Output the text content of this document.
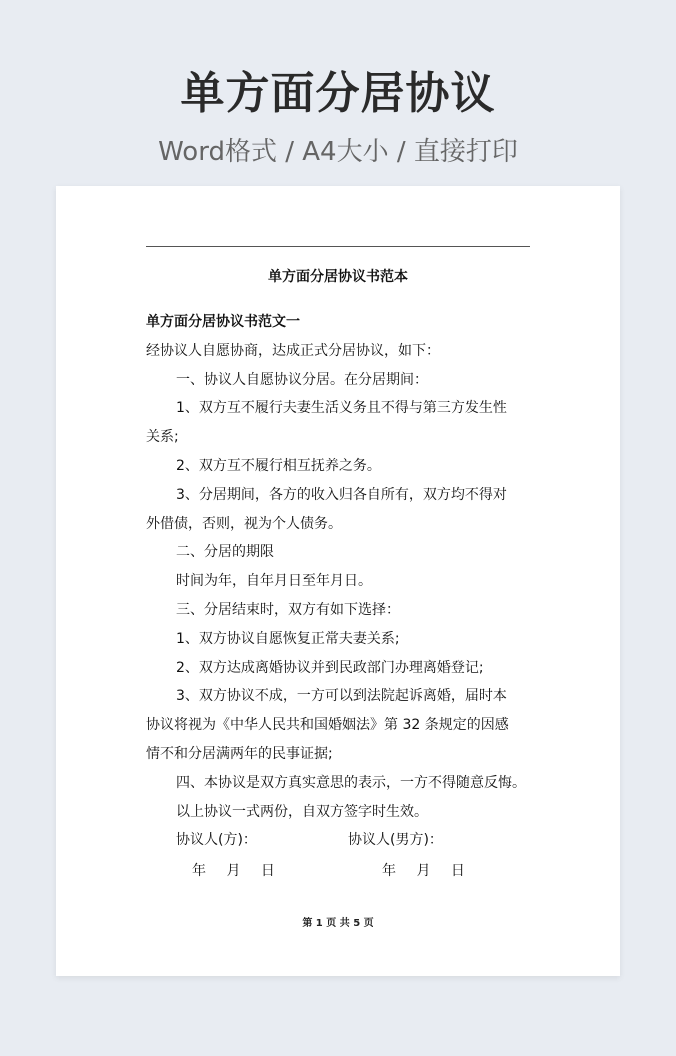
单方面分居协议
Word格式 / A4大小 / 直接打印
单方面分居协议书范本
单方面分居协议书范文一
经协议人自愿协商，达成正式分居协议，如下：
一、协议人自愿协议分居。在分居期间：
1、双方互不履行夫妻生活义务且不得与第三方发生性
关系;
2、双方互不履行相互抚养之务。
3、分居期间，各方的收入归各自所有，双方均不得对
外借债，否则，视为个人债务。
二、分居的期限
时间为年，自年月日至年月日。
三、分居结束时，双方有如下选择：
1、双方协议自愿恢复正常夫妻关系;
2、双方达成离婚协议并到民政部门办理离婚登记;
3、双方协议不成，一方可以到法院起诉离婚，届时本
协议将视为《中华人民共和国婚姻法》第 32 条规定的因感
情不和分居满两年的民事证据;
四、本协议是双方真实意思的表示，一方不得随意反悔。
以上协议一式两份，自双方签字时生效。
协议人(方)：	协议人(男方)：
年 月 日	年 月 日
第 1 页 共 5 页
